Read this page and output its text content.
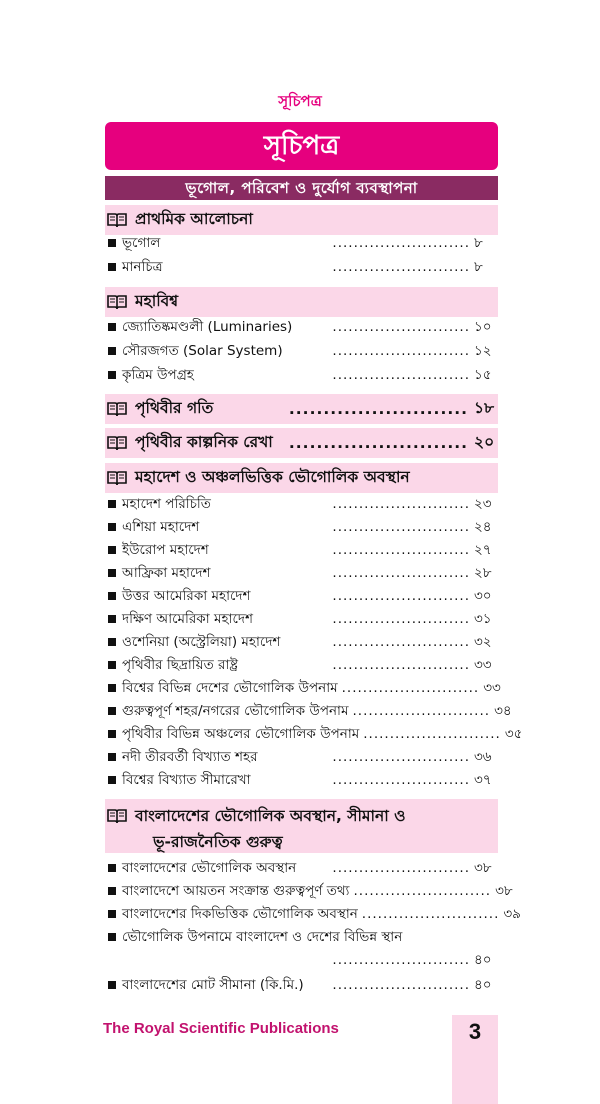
সূচিপত্র
সূচিপত্র
ভূগোল, পরিবেশ ও দুর্যোগ ব্যবস্থাপনা
প্রাথমিক আলোচনা
ভূগোল	.......................... ৮
মানচিত্র	.......................... ৮
মহাবিশ্ব
জ্যোতিষ্কমণ্ডলী (Luminaries)	.......................... ১০
সৌরজগত (Solar System)	.......................... ১২
কৃত্রিম উপগ্রহ	.......................... ১৫
পৃথিবীর গতি	.......................... ১৮
পৃথিবীর কাল্পনিক রেখা	.......................... ২০
মহাদেশ ও অঞ্চলভিত্তিক ভৌগোলিক অবস্থান
মহাদেশ পরিচিতি	.......................... ২৩
এশিয়া মহাদেশ	.......................... ২৪
ইউরোপ মহাদেশ	.......................... ২৭
আফ্রিকা মহাদেশ	.......................... ২৮
উত্তর আমেরিকা মহাদেশ	.......................... ৩০
দক্ষিণ আমেরিকা মহাদেশ	.......................... ৩১
ওশেনিয়া (অস্ট্রেলিয়া) মহাদেশ	.......................... ৩২
পৃথিবীর ছিদ্রায়িত রাষ্ট্র	.......................... ৩৩
বিশ্বের বিভিন্ন দেশের ভৌগোলিক উপনাম .......................... ৩৩
গুরুত্বপূর্ণ শহর/নগরের ভৌগোলিক উপনাম .......................... ৩৪
পৃথিবীর বিভিন্ন অঞ্চলের ভৌগোলিক উপনাম .......................... ৩৫
নদী তীরবর্তী বিখ্যাত শহর	.......................... ৩৬
বিশ্বের বিখ্যাত সীমারেখা	.......................... ৩৭
বাংলাদেশের ভৌগোলিক অবস্থান, সীমানা ও
ভূ-রাজনৈতিক গুরুত্ব
বাংলাদেশের ভৌগোলিক অবস্থান	.......................... ৩৮
বাংলাদেশে আয়তন সংক্রান্ত গুরুত্বপূর্ণ তথ্য .......................... ৩৮
বাংলাদেশের দিকভিত্তিক ভৌগোলিক অবস্থান .......................... ৩৯
ভৌগোলিক উপনামে বাংলাদেশ ও দেশের বিভিন্ন স্থান
.......................... ৪০
বাংলাদেশের মোট সীমানা (কি.মি.)	.......................... ৪০
The Royal Scientific Publications	3
